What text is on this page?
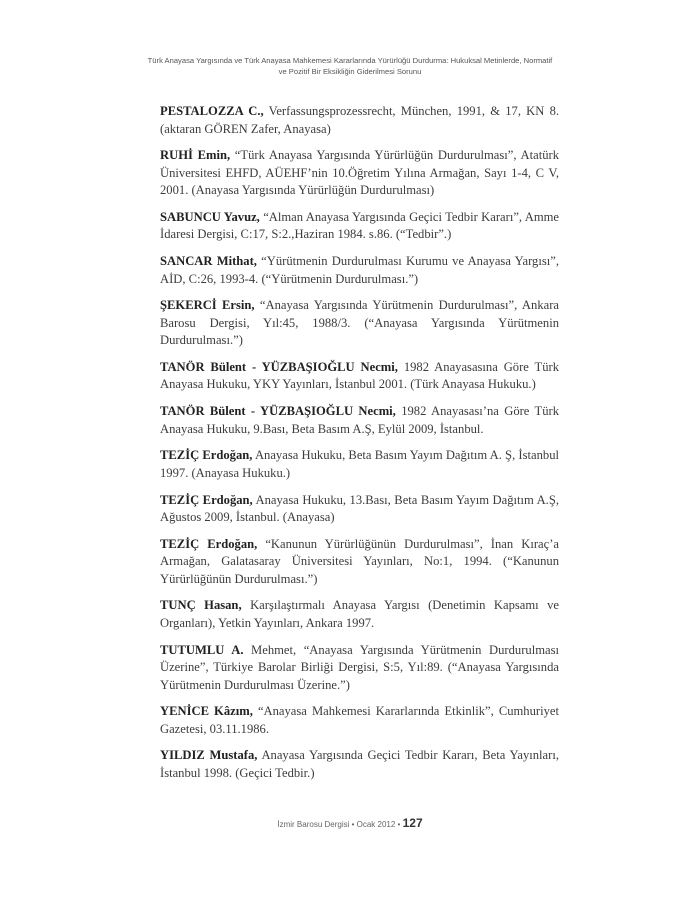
Türk Anayasa Yargısında ve Türk Anayasa Mahkemesi Kararlarında Yürürlüğü Durdurma: Hukuksal Metinlerde, Normatif
ve Pozitif Bir Eksikliğin Giderilmesi Sorunu
PESTALOZZA C., Verfassungsprozessrecht, München, 1991, & 17, KN 8. (aktaran GÖREN Zafer, Anayasa)
RUHİ Emin, “Türk Anayasa Yargısında Yürürlüğün Durdurulması”, Atatürk Üniversitesi EHFD, AÜEHF’nin 10.Öğretim Yılına Armağan, Sayı 1-4, C V, 2001. (Anayasa Yargısında Yürürlüğün Durdurulması)
SABUNCU Yavuz, “Alman Anayasa Yargısında Geçici Tedbir Kararı”, Amme İdaresi Dergisi, C:17, S:2.,Haziran 1984. s.86. (“Tedbir”.)
SANCAR Mithat, “Yürütmenin Durdurulması Kurumu ve Anayasa Yargısı”, AİD, C:26, 1993-4. (“Yürütmenin Durdurulması.”)
ŞEKERCİ Ersin, “Anayasa Yargısında Yürütmenin Durdurulması”, Ankara Barosu Dergisi, Yıl:45, 1988/3. (“Anayasa Yargısında Yürütmenin Durdurulması.”)
TANÖR Bülent - YÜZBAŞIOĞLU Necmi, 1982 Anayasasına Göre Türk Anayasa Hukuku, YKY Yayınları, İstanbul 2001. (Türk Anayasa Hukuku.)
TANÖR Bülent - YÜZBAŞIOĞLU Necmi, 1982 Anayasası’na Göre Türk Anayasa Hukuku, 9.Bası, Beta Basım A.Ş, Eylül 2009, İstanbul.
TEZİÇ Erdoğan, Anayasa Hukuku, Beta Basım Yayım Dağıtım A. Ş, İstanbul 1997. (Anayasa Hukuku.)
TEZİÇ Erdoğan, Anayasa Hukuku, 13.Bası, Beta Basım Yayım Dağıtım A.Ş, Ağustos 2009, İstanbul. (Anayasa)
TEZİÇ Erdoğan, “Kanunun Yürürlüğünün Durdurulması”, İnan Kıraç’a Armağan, Galatasaray Üniversitesi Yayınları, No:1, 1994. (“Kanunun Yürürlüğünün Durdurulması.”)
TUNÇ Hasan, Karşılaştırmalı Anayasa Yargısı (Denetimin Kapsamı ve Organları), Yetkin Yayınları, Ankara 1997.
TUTUMLU A. Mehmet, “Anayasa Yargısında Yürütmenin Durdurulması Üzerine”, Türkiye Barolar Birliği Dergisi, S:5, Yıl:89. (“Anayasa Yargısında Yürütmenin Durdurulması Üzerine.”)
YENİCE Kâzım, “Anayasa Mahkemesi Kararlarında Etkinlik”, Cumhuriyet Gazetesi, 03.11.1986.
YILDIZ Mustafa, Anayasa Yargısında Geçici Tedbir Kararı, Beta Yayınları, İstanbul 1998. (Geçici Tedbir.)
İzmir Barosu Dergisi • Ocak 2012 • 127
